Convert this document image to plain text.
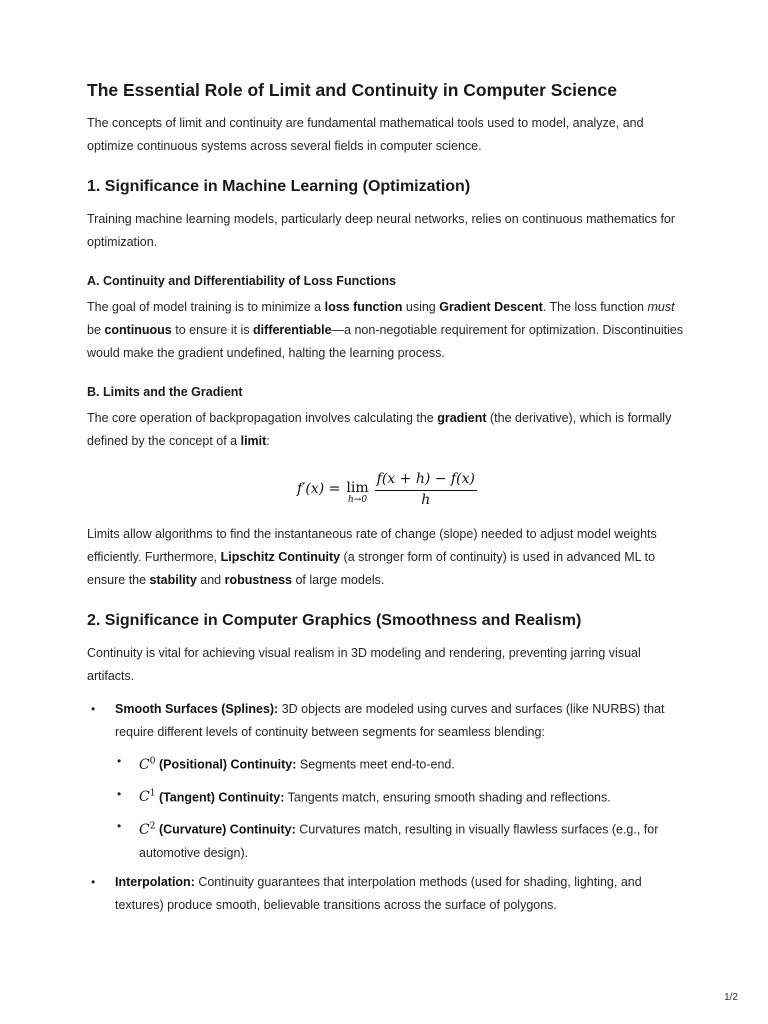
The Essential Role of Limit and Continuity in Computer Science

The concepts of limit and continuity are fundamental mathematical tools used to model, analyze, and optimize continuous systems across several fields in computer science.

1. Significance in Machine Learning (Optimization)

Training machine learning models, particularly deep neural networks, relies on continuous mathematics for optimization.

A. Continuity and Differentiability of Loss Functions

The goal of model training is to minimize a loss function using Gradient Descent. The loss function must be continuous to ensure it is differentiable—a non-negotiable requirement for optimization. Discontinuities would make the gradient undefined, halting the learning process.

B. Limits and the Gradient

The core operation of backpropagation involves calculating the gradient (the derivative), which is formally defined by the concept of a limit:

f′(x) = lim
$h\to 0 \frac{f(x + h) - f(x)}{h}$

Limits allow algorithms to find the instantaneous rate of change (slope) needed to adjust model weights efficiently. Furthermore, Lipschitz Continuity (a stronger form of continuity) is used in advanced ML to ensure the stability and robustness of large models.

2. Significance in Computer Graphics (Smoothness and Realism)

Continuity is vital for achieving visual realism in 3D modeling and rendering, preventing jarring visual artifacts.

• Smooth Surfaces (Splines): 3D objects are modeled using curves and surfaces (like NURBS) that require different levels of continuity between segments for seamless blending:
• $C^0$ (Positional) Continuity: Segments meet end-to-end.
• $C^1$ (Tangent) Continuity: Tangents match, ensuring smooth shading and reflections.
• $C^2$ (Curvature) Continuity: Curvatures match, resulting in visually flawless surfaces (e.g., for automotive design).
• Interpolation: Continuity guarantees that interpolation methods (used for shading, lighting, and textures) produce smooth, believable transitions across the surface of polygons.
1/2
